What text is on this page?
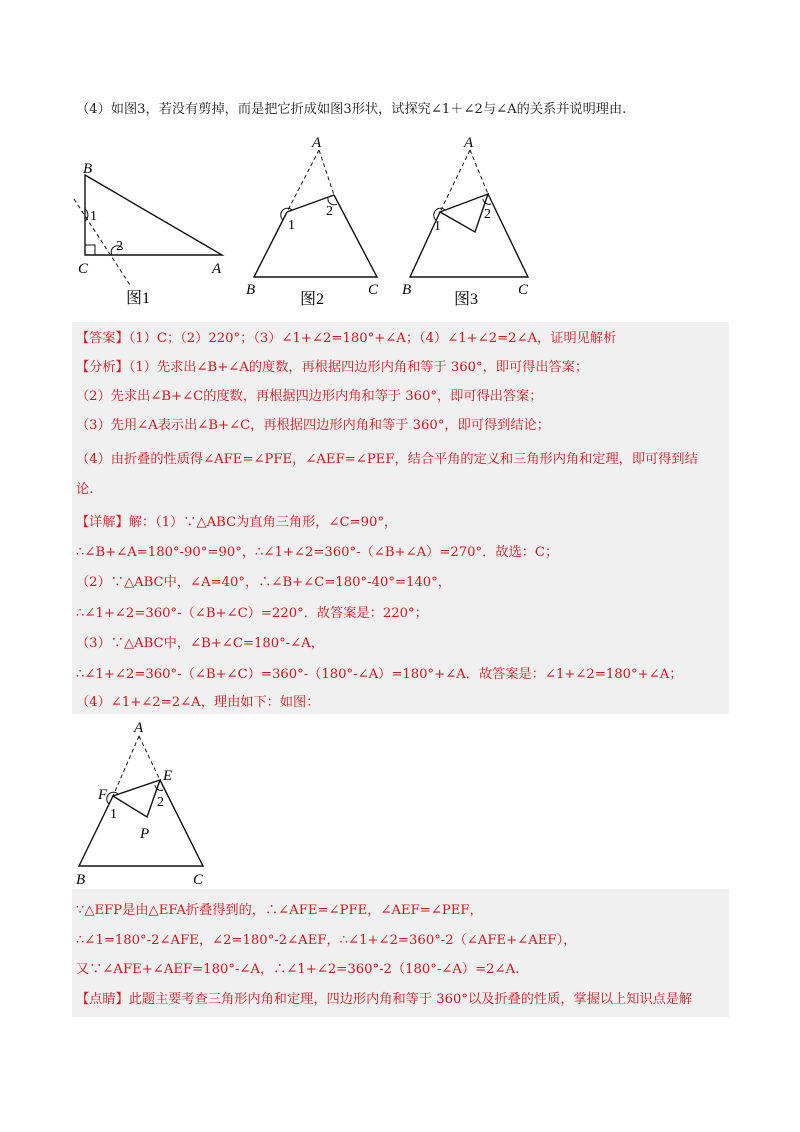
（4）如图3，若没有剪掉，而是把它折成如图3形状，试探究∠1＋∠2与∠A的关系并说明理由.
B
1
2
C	A
图1
A
1
2
B	C
图2
A
1
2
B	C
图3
【答案】（1）C；（2）220°；（3）∠1+∠2=180°+∠A；（4）∠1+∠2=2∠A，证明见解析
【分析】（1）先求出∠B+∠A的度数，再根据四边形内角和等于 360°，即可得出答案；
（2）先求出∠B+∠C的度数，再根据四边形内角和等于 360°，即可得出答案；
（3）先用∠A表示出∠B+∠C，再根据四边形内角和等于 360°，即可得到结论；
（4）由折叠的性质得∠AFE=∠PFE，∠AEF=∠PEF，结合平角的定义和三角形内角和定理，即可得到结
论.
【详解】解：（1）∵△ABC为直角三角形，∠C=90°，
∴∠B+∠A=180°-90°=90°，∴∠1+∠2=360°-（∠B+∠A）=270°．故选：C；
（2）∵△ABC中，∠A=40°，∴∠B+∠C=180°-40°=140°，
∴∠1+∠2=360°-（∠B+∠C）=220°．故答案是：220°；
（3）∵△ABC中，∠B+∠C=180°-∠A，
∴∠1+∠2=360°-（∠B+∠C）=360°-（180°-∠A）=180°+∠A．故答案是：∠1+∠2=180°+∠A；
（4）∠1+∠2=2∠A，理由如下：如图：
A
E
F
1
2
P
B	C
∵△EFP是由△EFA折叠得到的，∴∠AFE=∠PFE，∠AEF=∠PEF，
∴∠1=180°-2∠AFE，∠2=180°-2∠AEF，∴∠1+∠2=360°-2（∠AFE+∠AEF），
又∵∠AFE+∠AEF=180°-∠A，∴∠1+∠2=360°-2（180°-∠A）=2∠A.
【点睛】此题主要考查三角形内角和定理，四边形内角和等于 360°以及折叠的性质，掌握以上知识点是解
